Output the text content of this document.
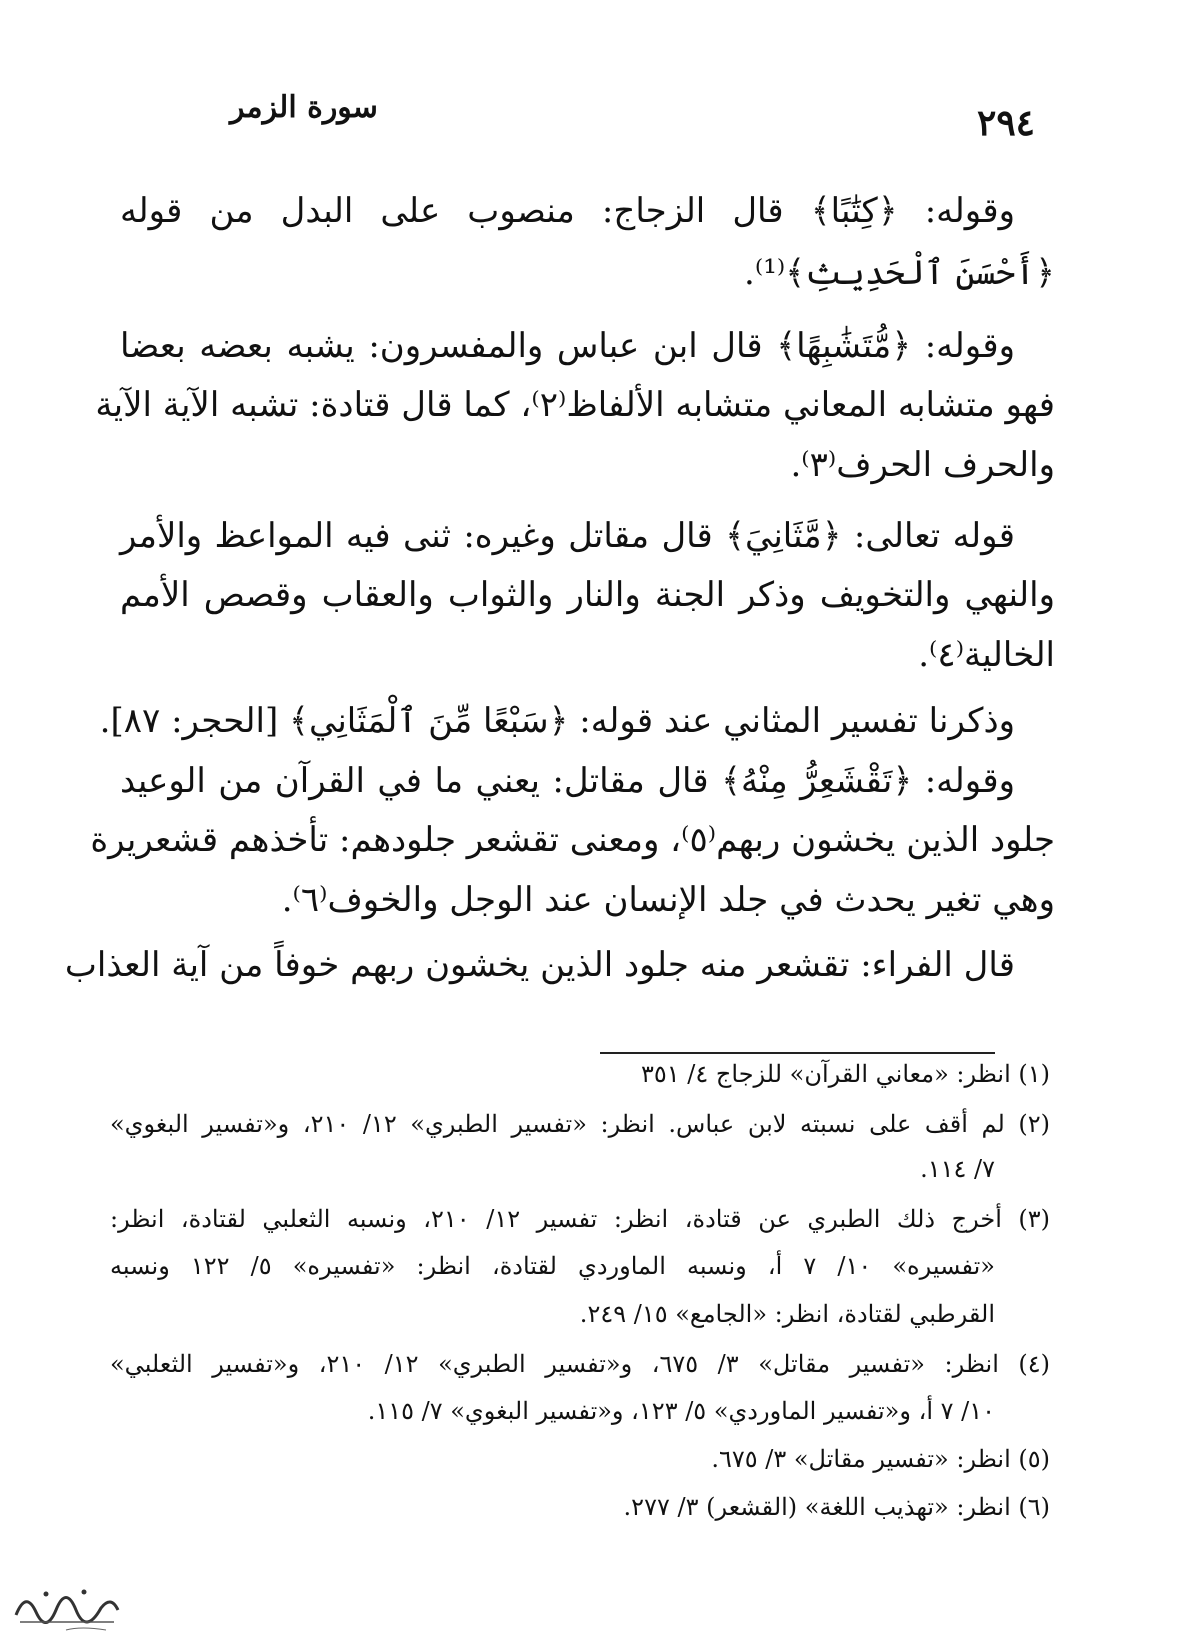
٢٩٤
سورة الزمر
وقوله: ﴿كِتَٰبًا﴾ قال الزجاج: منصوب على البدل من قوله
﴿أَحْسَنَ ٱلْحَدِيثِ﴾⁽¹⁾.
وقوله: ﴿مُّتَشَٰبِهًا﴾ قال ابن عباس والمفسرون: يشبه بعضه بعضا
فهو متشابه المعاني متشابه الألفاظ⁽٢⁾، كما قال قتادة: تشبه الآية الآية
والحرف الحرف⁽٣⁾.
قوله تعالى: ﴿مَّثَانِيَ﴾ قال مقاتل وغيره: ثنى فيه المواعظ والأمر
والنهي والتخويف وذكر الجنة والنار والثواب والعقاب وقصص الأمم
الخالية⁽٤⁾.
وذكرنا تفسير المثاني عند قوله: ﴿سَبْعًا مِّنَ ٱلْمَثَانِي﴾ [الحجر: ٨٧].
وقوله: ﴿تَقْشَعِرُّ مِنْهُ﴾ قال مقاتل: يعني ما في القرآن من الوعيد
جلود الذين يخشون ربهم⁽٥⁾، ومعنى تقشعر جلودهم: تأخذهم قشعريرة
وهي تغير يحدث في جلد الإنسان عند الوجل والخوف⁽٦⁾.
قال الفراء: تقشعر منه جلود الذين يخشون ربهم خوفاً من آية العذاب
(١) انظر: «معاني القرآن» للزجاج ٤/ ٣٥١
(٢) لم أقف على نسبته لابن عباس. انظر: «تفسير الطبري» ١٢/ ٢١٠، و«تفسير البغوي»
٧/ ١١٤.
(٣) أخرج ذلك الطبري عن قتادة، انظر: تفسير ١٢/ ٢١٠، ونسبه الثعلبي لقتادة، انظر:
«تفسيره» ١٠/ ٧ أ، ونسبه الماوردي لقتادة، انظر: «تفسيره» ٥/ ١٢٢ ونسبه
القرطبي لقتادة، انظر: «الجامع» ١٥/ ٢٤٩.
(٤) انظر: «تفسير مقاتل» ٣/ ٦٧٥، و«تفسير الطبري» ١٢/ ٢١٠، و«تفسير الثعلبي»
١٠/ ٧ أ، و«تفسير الماوردي» ٥/ ١٢٣، و«تفسير البغوي» ٧/ ١١٥.
(٥) انظر: «تفسير مقاتل» ٣/ ٦٧٥.
(٦) انظر: «تهذيب اللغة» (القشعر) ٣/ ٢٧٧.
